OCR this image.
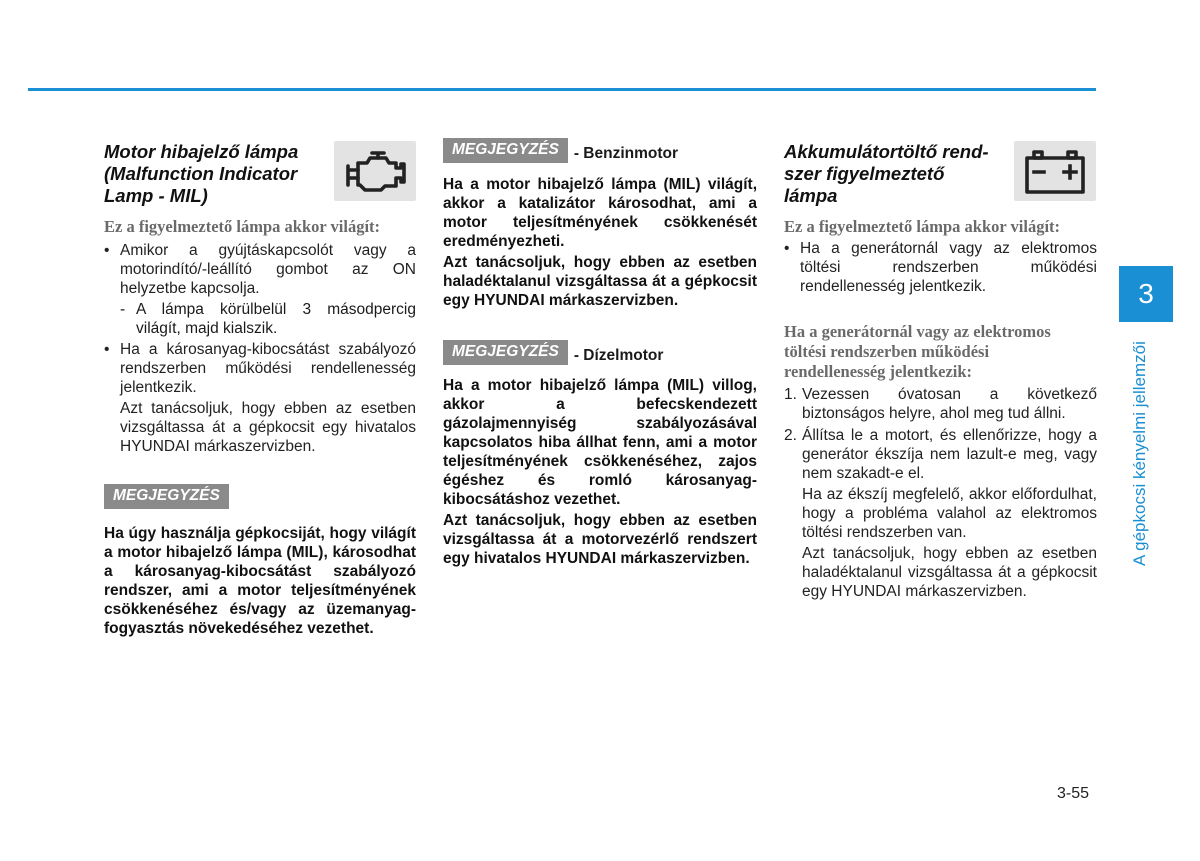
Motor hibajelző lámpa
(Malfunction Indicator
Lamp - MIL)
Ez a figyelmeztető lámpa akkor világít:
• Amikor a gyújtáskapcsolót vagy a motorindító/-leállító gombot az ON helyzetbe kapcsolja.
- A lámpa körülbelül 3 másodpercig világít, majd kialszik.
• Ha a károsanyag-kibocsátást szabályozó rendszerben működési rendellenesség jelentkezik.
Azt tanácsoljuk, hogy ebben az esetben vizsgáltassa át a gépkocsit egy hivatalos HYUNDAI márkaszervizben.
MEGJEGYZÉS
Ha úgy használja gépkocsiját, hogy világít a motor hibajelző lámpa (MIL), károsodhat a károsanyag-kibocsátást szabályozó rendszer, ami a motor teljesítményének csökkenéséhez és/vagy az üzemanyag-fogyasztás növekedéséhez vezethet.
MEGJEGYZÉS - Benzinmotor
Ha a motor hibajelző lámpa (MIL) világít, akkor a katalizátor károsodhat, ami a motor teljesítményének csökkenését eredményezheti.
Azt tanácsoljuk, hogy ebben az esetben haladéktalanul vizsgáltassa át a gépkocsit egy HYUNDAI márkaszervizben.
MEGJEGYZÉS - Dízelmotor
Ha a motor hibajelző lámpa (MIL) villog, akkor a befecskendezett gázolajmennyiség szabályozásával kapcsolatos hiba állhat fenn, ami a motor teljesítményének csökkenéséhez, zajos égéshez és romló károsanyag-kibocsátáshoz vezethet.
Azt tanácsoljuk, hogy ebben az esetben vizsgáltassa át a motorvezérlő rendszert egy hivatalos HYUNDAI márkaszervizben.
Akkumulátortöltő rend-
szer figyelmeztető
lámpa
Ez a figyelmeztető lámpa akkor világít:
• Ha a generátornál vagy az elektromos töltési rendszerben működési rendellenesség jelentkezik.
Ha a generátornál vagy az elektromos
töltési rendszerben működési
rendellenesség jelentkezik:
1. Vezessen óvatosan a következő biztonságos helyre, ahol meg tud állni.
2. Állítsa le a motort, és ellenőrizze, hogy a generátor ékszíja nem lazult-e meg, vagy nem szakadt-e el.
Ha az ékszíj megfelelő, akkor előfordulhat, hogy a probléma valahol az elektromos töltési rendszerben van.
Azt tanácsoljuk, hogy ebben az esetben haladéktalanul vizsgáltassa át a gépkocsit egy HYUNDAI márkaszervizben.
3
A gépkocsi kényelmi jellemzői
3-55
